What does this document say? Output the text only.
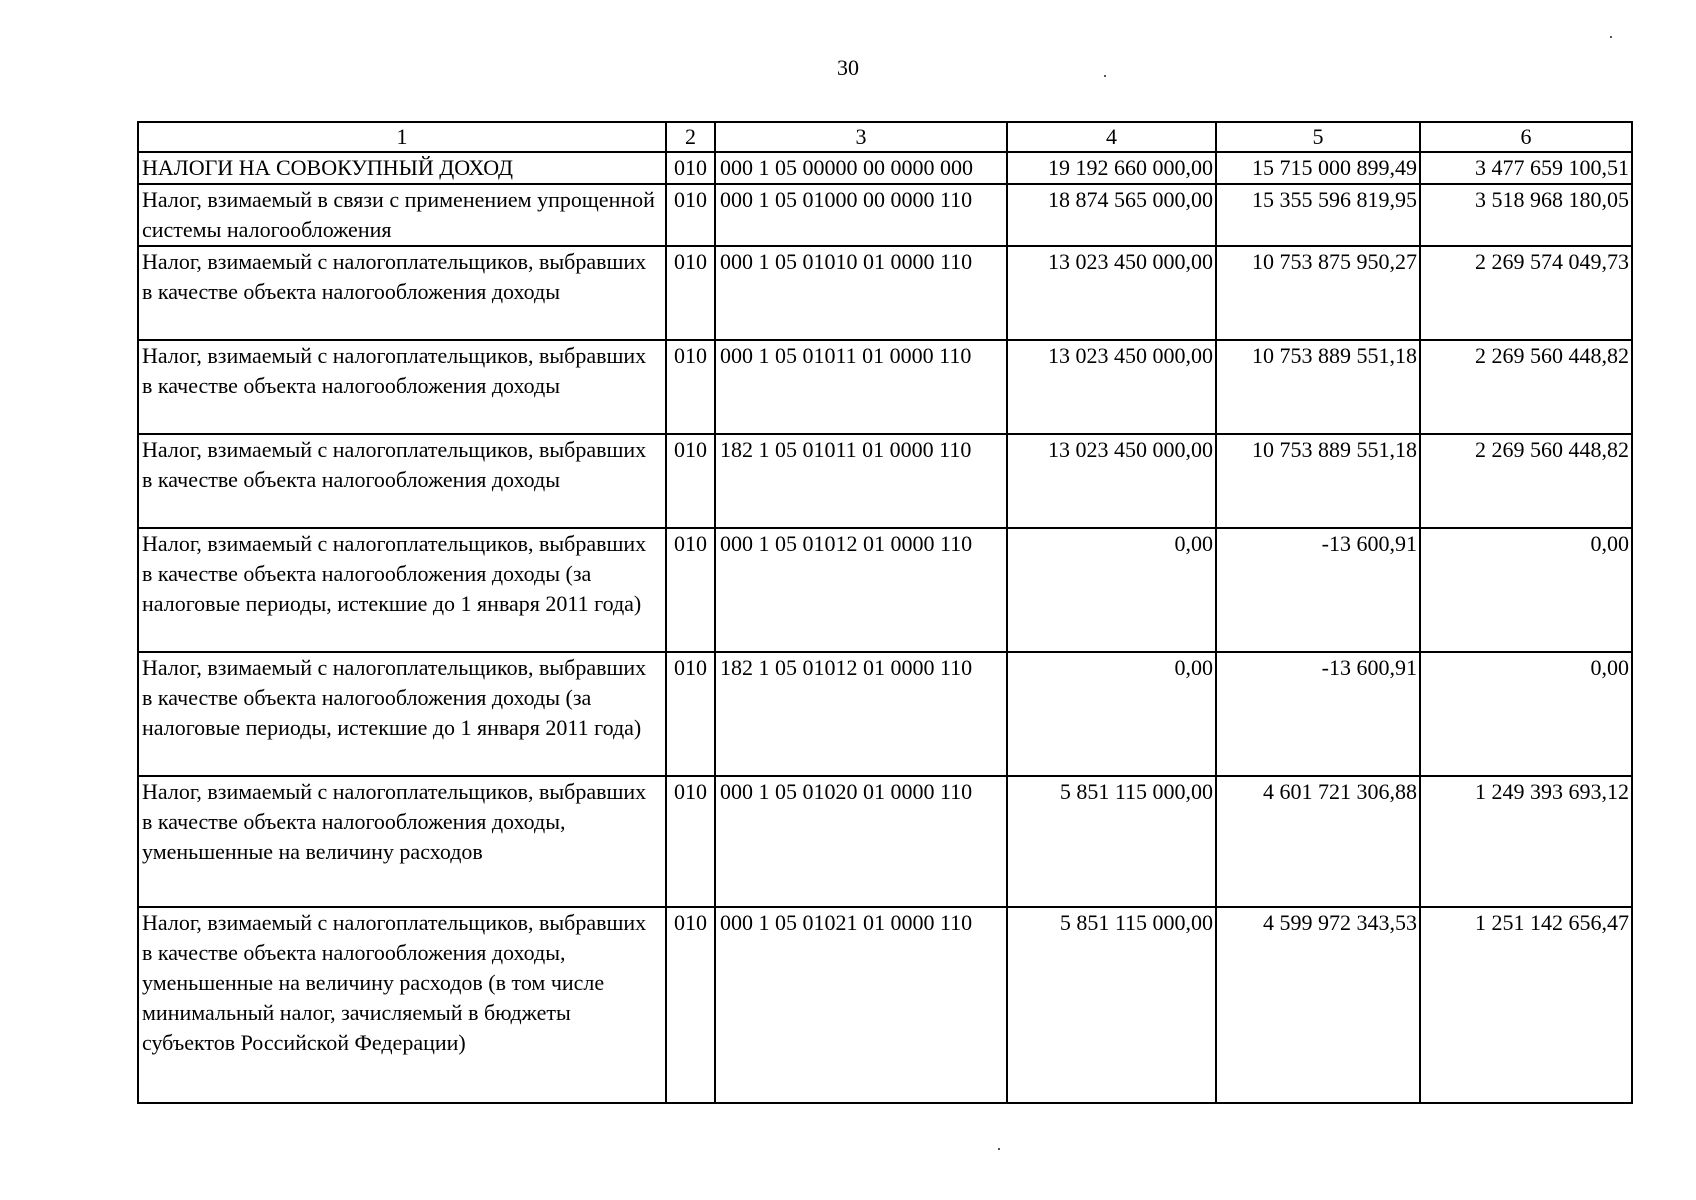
30
1	2	3	4	5	6
НАЛОГИ НА СОВОКУПНЫЙ ДОХОД	010	000 1 05 00000 00 0000 000	19 192 660 000,00	15 715 000 899,49	3 477 659 100,51
Налог, взимаемый в связи с применением упрощенной системы налогообложения	010	000 1 05 01000 00 0000 110	18 874 565 000,00	15 355 596 819,95	3 518 968 180,05
Налог, взимаемый с налогоплательщиков, выбравших в качестве объекта налогообложения доходы	010	000 1 05 01010 01 0000 110	13 023 450 000,00	10 753 875 950,27	2 269 574 049,73
Налог, взимаемый с налогоплательщиков, выбравших в качестве объекта налогообложения доходы	010	000 1 05 01011 01 0000 110	13 023 450 000,00	10 753 889 551,18	2 269 560 448,82
Налог, взимаемый с налогоплательщиков, выбравших в качестве объекта налогообложения доходы	010	182 1 05 01011 01 0000 110	13 023 450 000,00	10 753 889 551,18	2 269 560 448,82
Налог, взимаемый с налогоплательщиков, выбравших в качестве объекта налогообложения доходы (за налоговые периоды, истекшие до 1 января 2011 года)	010	000 1 05 01012 01 0000 110	0,00	-13 600,91	0,00
Налог, взимаемый с налогоплательщиков, выбравших в качестве объекта налогообложения доходы (за налоговые периоды, истекшие до 1 января 2011 года)	010	182 1 05 01012 01 0000 110	0,00	-13 600,91	0,00
Налог, взимаемый с налогоплательщиков, выбравших в качестве объекта налогообложения доходы, уменьшенные на величину расходов	010	000 1 05 01020 01 0000 110	5 851 115 000,00	4 601 721 306,88	1 249 393 693,12
Налог, взимаемый с налогоплательщиков, выбравших в качестве объекта налогообложения доходы, уменьшенные на величину расходов (в том числе минимальный налог, зачисляемый в бюджеты субъектов Российской Федерации)	010	000 1 05 01021 01 0000 110	5 851 115 000,00	4 599 972 343,53	1 251 142 656,47
